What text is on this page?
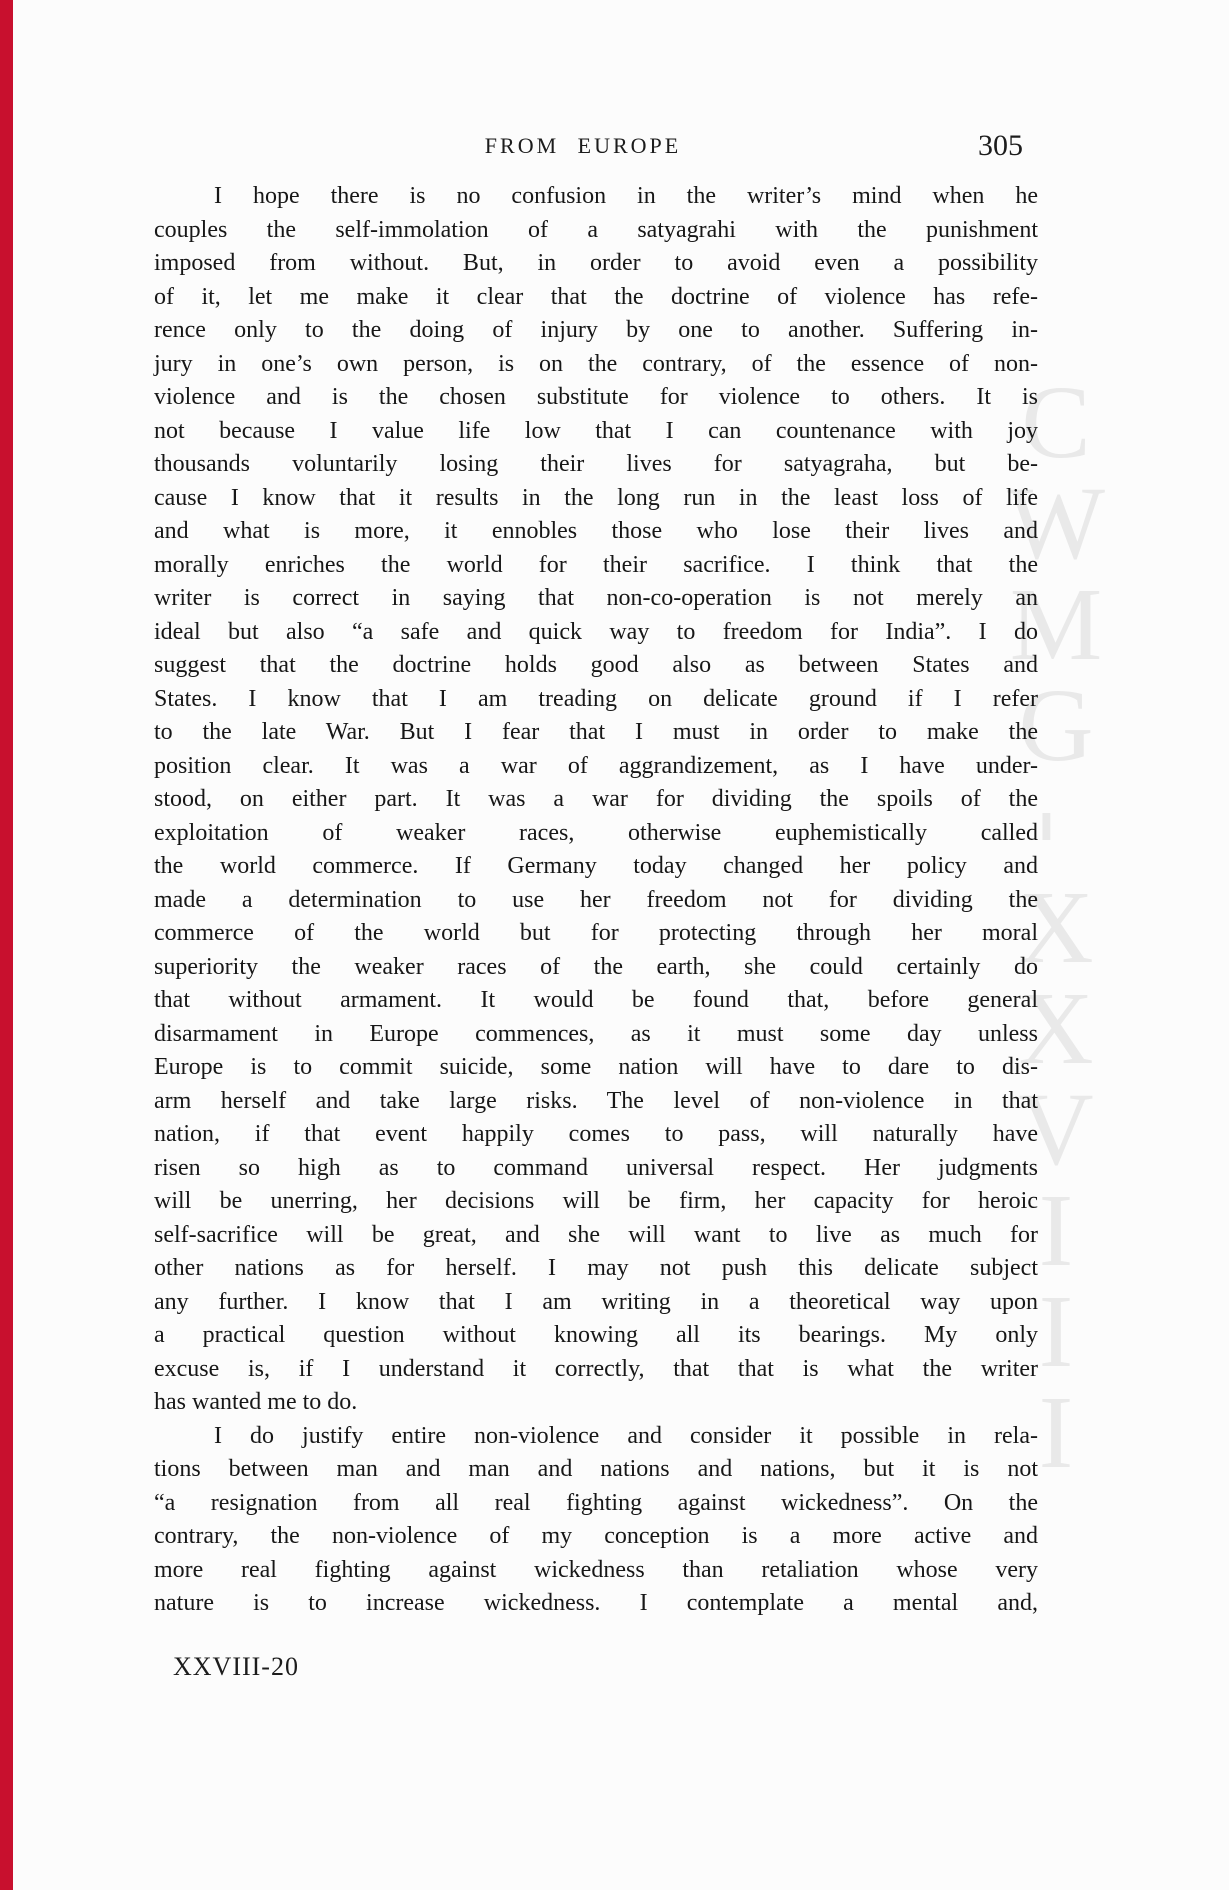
C
W
M
G
-
X
X
V
I
I
I
FROM EUROPE	305
I hope there is no confusion in the writer’s mind when he
couples the self-immolation of a satyagrahi with the punishment
imposed from without. But, in order to avoid even a possibility
of it, let me make it clear that the doctrine of violence has refe-
rence only to the doing of injury by one to another. Suffering in-
jury in one’s own person, is on the contrary, of the essence of non-
violence and is the chosen substitute for violence to others. It is
not because I value life low that I can countenance with joy
thousands voluntarily losing their lives for satyagraha, but be-
cause I know that it results in the long run in the least loss of life
and what is more, it ennobles those who lose their lives and
morally enriches the world for their sacrifice. I think that the
writer is correct in saying that non-co-operation is not merely an
ideal but also “a safe and quick way to freedom for India”. I do
suggest that the doctrine holds good also as between States and
States. I know that I am treading on delicate ground if I refer
to the late War. But I fear that I must in order to make the
position clear. It was a war of aggrandizement, as I have under-
stood, on either part. It was a war for dividing the spoils of the
exploitation of weaker races, otherwise euphemistically called
the world commerce. If Germany today changed her policy and
made a determination to use her freedom not for dividing the
commerce of the world but for protecting through her moral
superiority the weaker races of the earth, she could certainly do
that without armament. It would be found that, before general
disarmament in Europe commences, as it must some day unless
Europe is to commit suicide, some nation will have to dare to dis-
arm herself and take large risks. The level of non-violence in that
nation, if that event happily comes to pass, will naturally have
risen so high as to command universal respect. Her judgments
will be unerring, her decisions will be firm, her capacity for heroic
self-sacrifice will be great, and she will want to live as much for
other nations as for herself. I may not push this delicate subject
any further. I know that I am writing in a theoretical way upon
a practical question without knowing all its bearings. My only
excuse is, if I understand it correctly, that that is what the writer
has wanted me to do.
I do justify entire non-violence and consider it possible in rela-
tions between man and man and nations and nations, but it is not
“a resignation from all real fighting against wickedness”. On the
contrary, the non-violence of my conception is a more active and
more real fighting against wickedness than retaliation whose very
nature is to increase wickedness. I contemplate a mental and,
XXVIII-20
